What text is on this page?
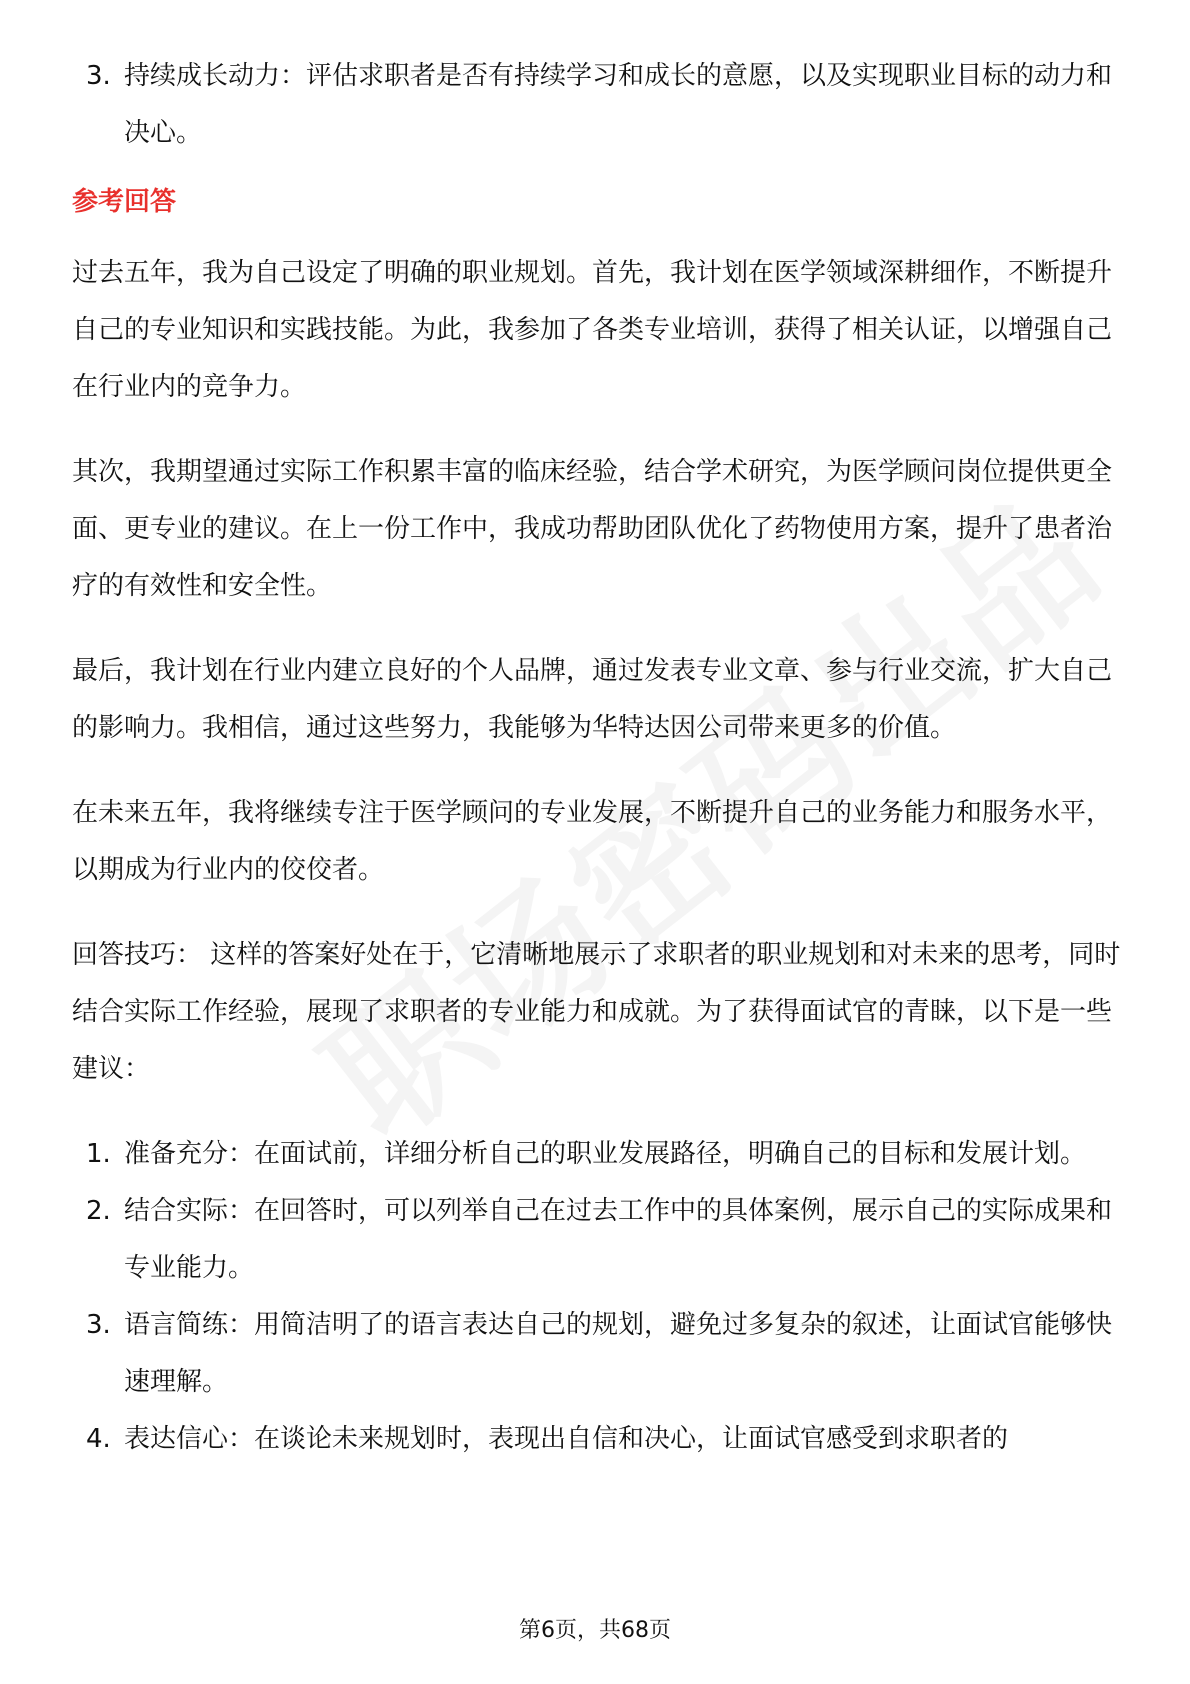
3. 持续成长动力：评估求职者是否有持续学习和成长的意愿，以及实现职业目标的动力和决心。
参考回答

过去五年，我为自己设定了明确的职业规划。首先，我计划在医学领域深耕细作，不断提升自己的专业知识和实践技能。为此，我参加了各类专业培训，获得了相关认证，以增强自己在行业内的竞争力。

其次，我期望通过实际工作积累丰富的临床经验，结合学术研究，为医学顾问岗位提供更全面、更专业的建议。在上一份工作中，我成功帮助团队优化了药物使用方案，提升了患者治疗的有效性和安全性。

最后，我计划在行业内建立良好的个人品牌，通过发表专业文章、参与行业交流，扩大自己的影响力。我相信，通过这些努力，我能够为华特达因公司带来更多的价值。

在未来五年，我将继续专注于医学顾问的专业发展，不断提升自己的业务能力和服务水平，以期成为行业内的佼佼者。

回答技巧： 这样的答案好处在于，它清晰地展示了求职者的职业规划和对未来的思考，同时结合实际工作经验，展现了求职者的专业能力和成就。为了获得面试官的青睐，以下是一些建议：

1. 准备充分：在面试前，详细分析自己的职业发展路径，明确自己的目标和发展计划。
2. 结合实际：在回答时，可以列举自己在过去工作中的具体案例，展示自己的实际成果和专业能力。
3. 语言简练：用简洁明了的语言表达自己的规划，避免过多复杂的叙述，让面试官能够快速理解。
4. 表达信心：在谈论未来规划时，表现出自信和决心，让面试官感受到求职者的
第6页，共68页
